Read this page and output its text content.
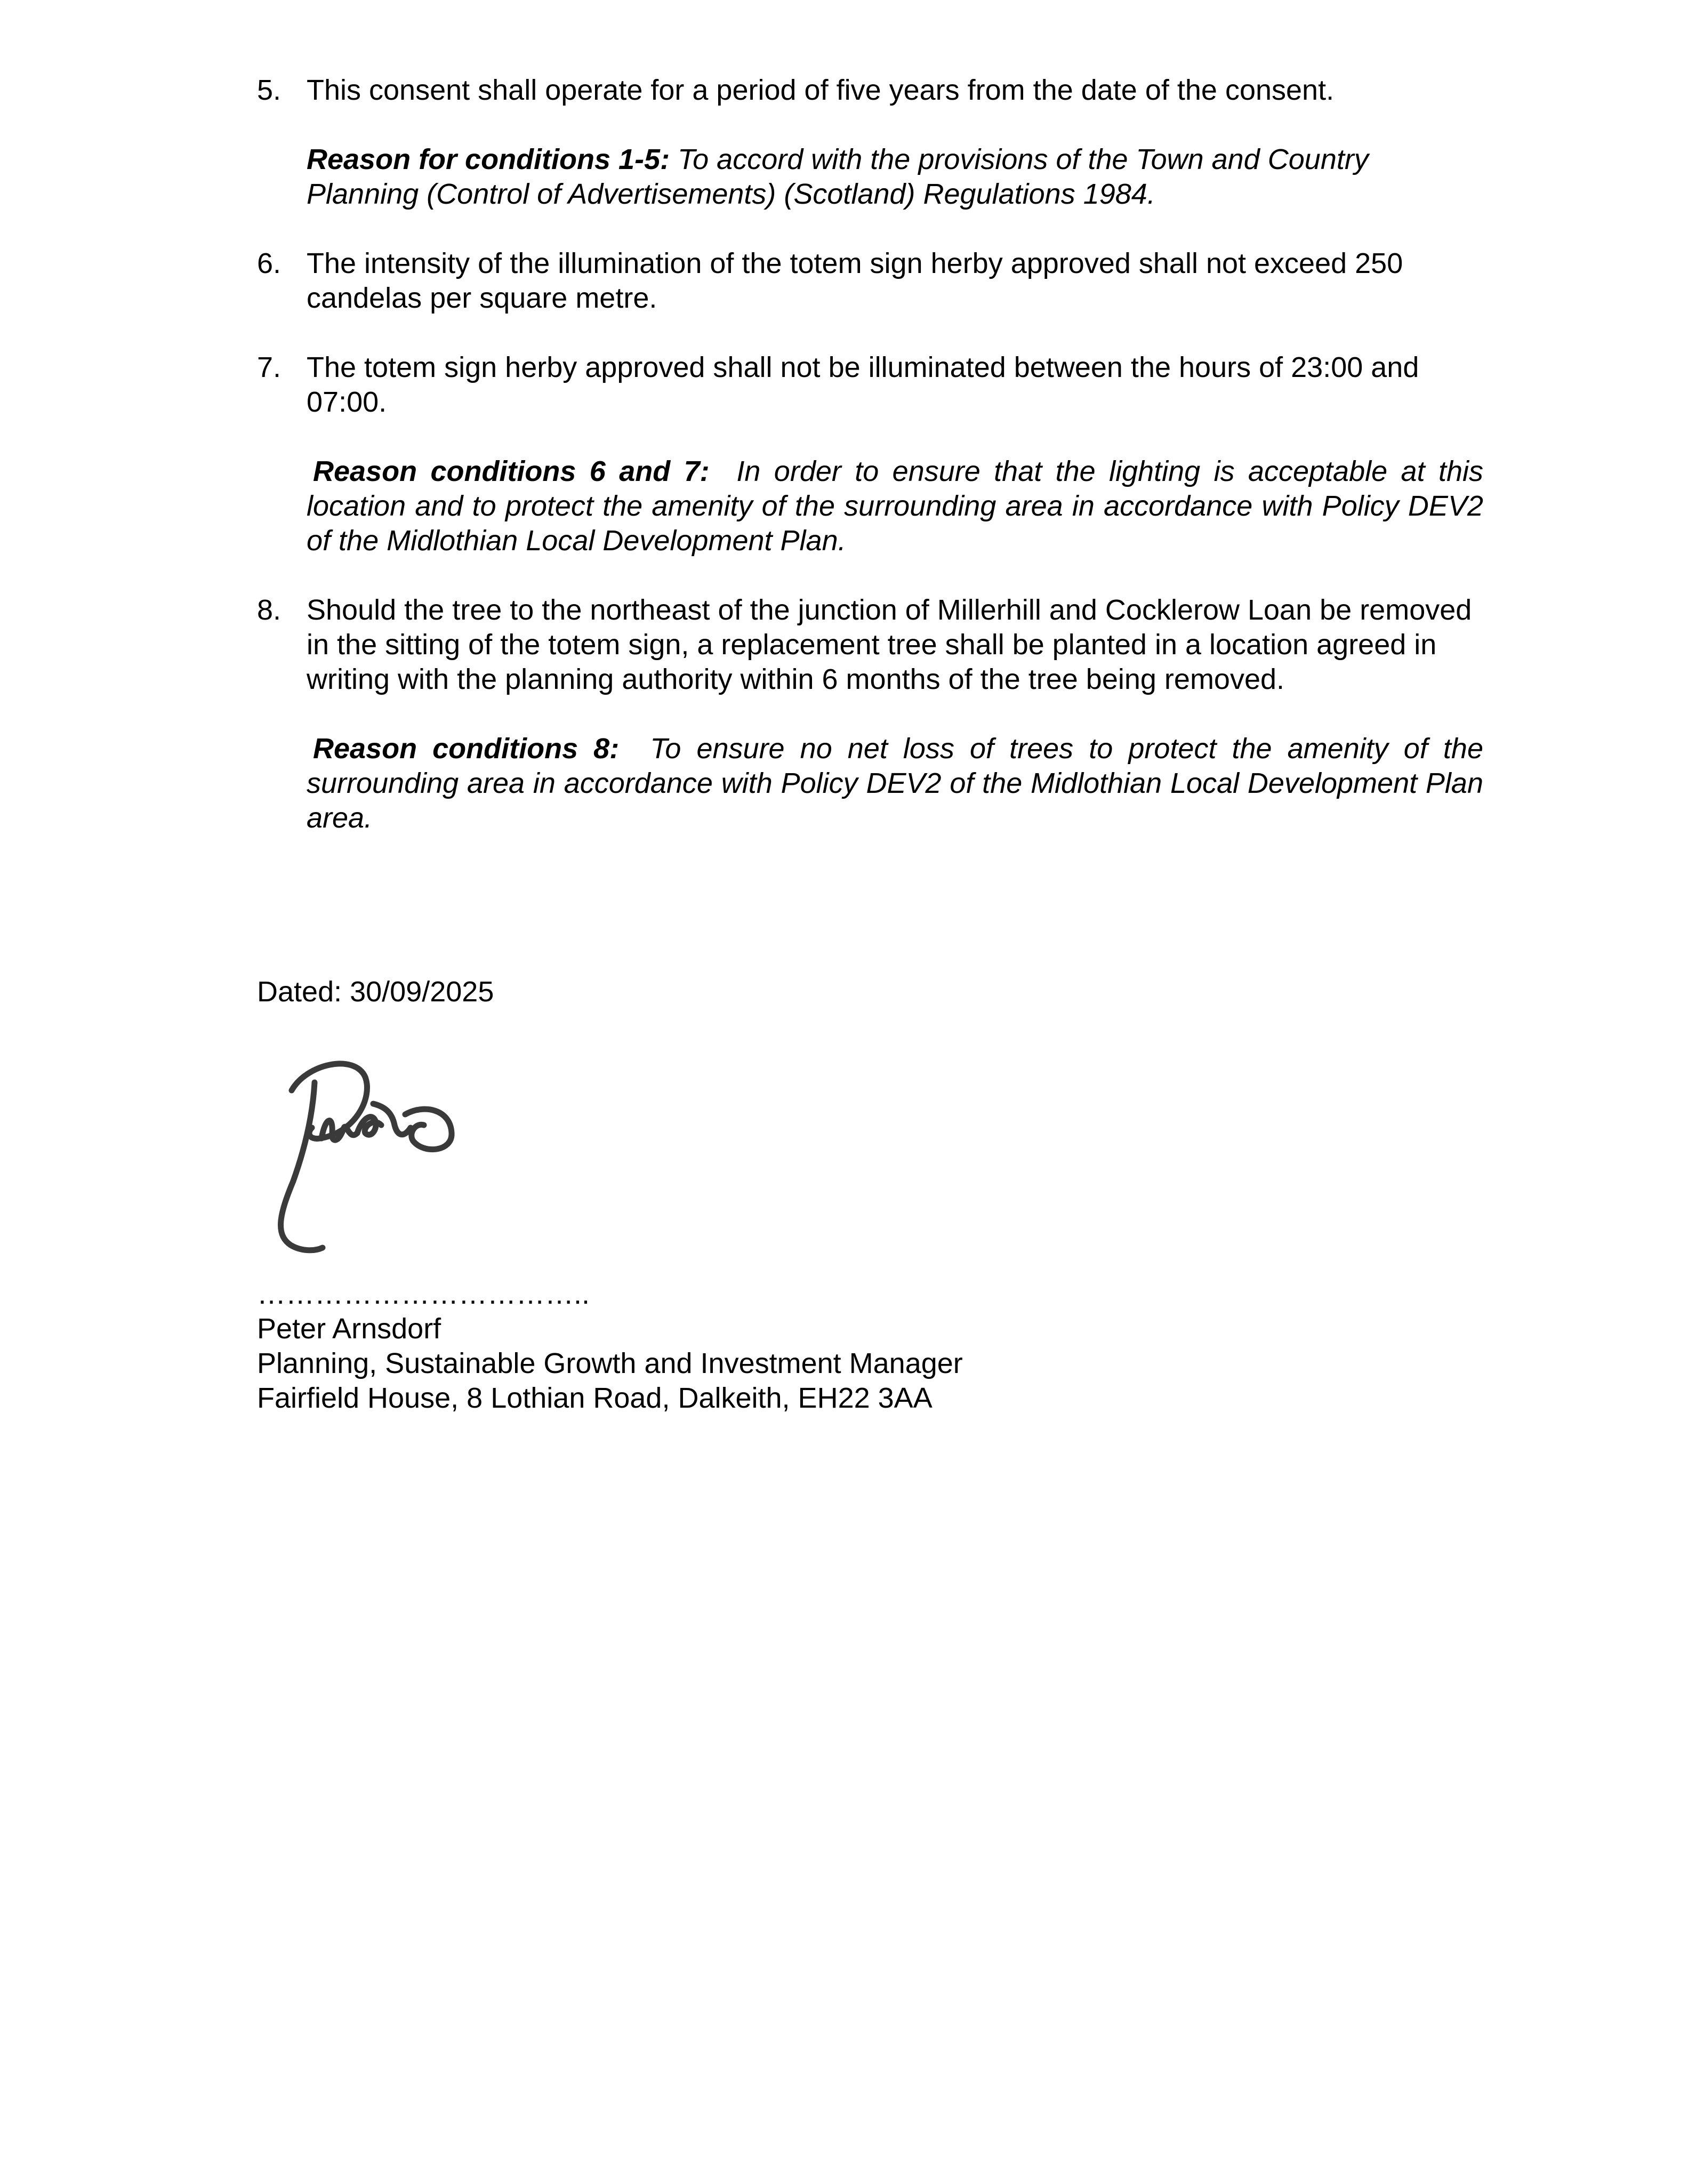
5. This consent shall operate for a period of five years from the date of the consent.
Reason for conditions 1-5: To accord with the provisions of the Town and Country Planning (Control of Advertisements) (Scotland) Regulations 1984.
6. The intensity of the illumination of the totem sign herby approved shall not exceed 250 candelas per square metre.
7. The totem sign herby approved shall not be illuminated between the hours of 23:00 and 07:00.
Reason conditions 6 and 7: In order to ensure that the lighting is acceptable at this location and to protect the amenity of the surrounding area in accordance with Policy DEV2 of the Midlothian Local Development Plan.
8. Should the tree to the northeast of the junction of Millerhill and Cocklerow Loan be removed in the sitting of the totem sign, a replacement tree shall be planted in a location agreed in writing with the planning authority within 6 months of the tree being removed.
Reason conditions 8: To ensure no net loss of trees to protect the amenity of the surrounding area in accordance with Policy DEV2 of the Midlothian Local Development Plan area.
Dated: 30/09/2025
……………………………..
Peter Arnsdorf
Planning, Sustainable Growth and Investment Manager
Fairfield House, 8 Lothian Road, Dalkeith, EH22 3AA
